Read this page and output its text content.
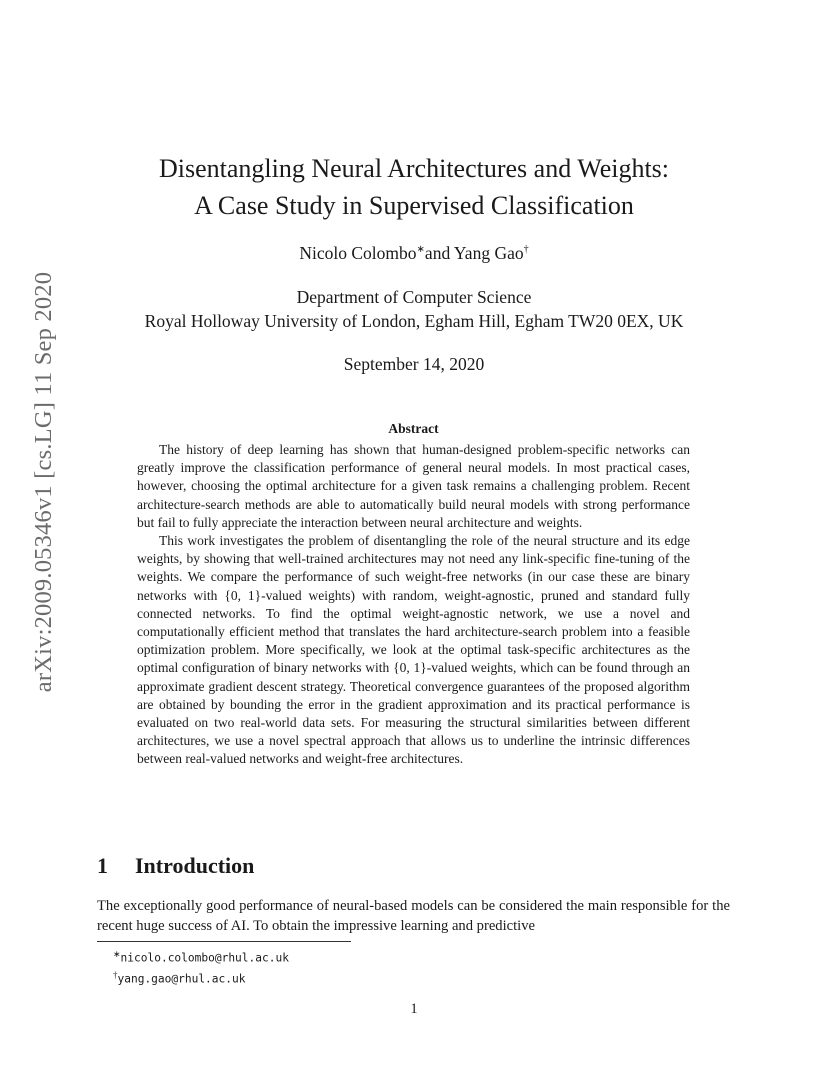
arXiv:2009.05346v1 [cs.LG] 11 Sep 2020
Disentangling Neural Architectures and Weights:
A Case Study in Supervised Classification
Nicolo Colombo∗and Yang Gao†
Department of Computer Science
Royal Holloway University of London, Egham Hill, Egham TW20 0EX, UK
September 14, 2020
Abstract

The history of deep learning has shown that human-designed problem-specific networks can greatly improve the classification performance of general neural models. In most practical cases, however, choosing the optimal architecture for a given task remains a challenging problem. Recent architecture-search methods are able to automatically build neural models with strong performance but fail to fully appreciate the interaction between neural architecture and weights.

This work investigates the problem of disentangling the role of the neural structure and its edge weights, by showing that well-trained architectures may not need any link-specific fine-tuning of the weights. We compare the performance of such weight-free networks (in our case these are binary networks with {0, 1}-valued weights) with random, weight-agnostic, pruned and standard fully connected networks. To find the optimal weight-agnostic network, we use a novel and computationally efficient method that translates the hard architecture-search problem into a feasible optimization problem. More specifically, we look at the optimal task-specific architectures as the optimal configuration of binary networks with {0, 1}-valued weights, which can be found through an approximate gradient descent strategy. Theoretical convergence guarantees of the proposed algorithm are obtained by bounding the error in the gradient approximation and its practical performance is evaluated on two real-world data sets. For measuring the structural similarities between different architectures, we use a novel spectral approach that allows us to underline the intrinsic differences between real-valued networks and weight-free architectures.

1 Introduction

The exceptionally good performance of neural-based models can be considered the main responsible for the recent huge success of AI. To obtain the impressive learning and predictive

∗nicolo.colombo@rhul.ac.uk
†yang.gao@rhul.ac.uk
1
